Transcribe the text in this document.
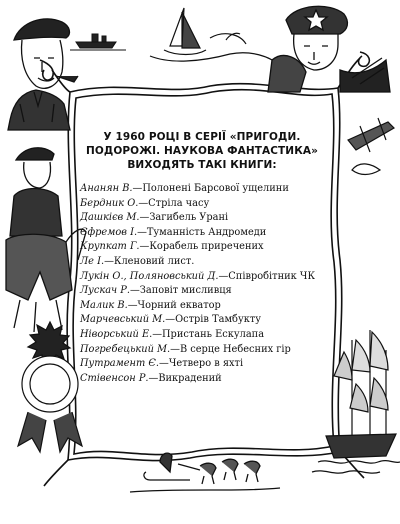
У 1960 РОЦІ В СЕРІЇ «ПРИГОДИ.
ПОДОРОЖІ. НАУКОВА ФАНТАСТИКА»
ВИХОДЯТЬ ТАКІ КНИГИ:
Ананян В.—Полонені Барсової ущелини
Бердник О.—Стріла часу
Дашкієв М.—Загибель Урані
Єфремов І.—Туманність Андромеди
Крупкат Г.—Корабель приречених
Ле І.—Кленовий лист.
Лукін О., Поляновський Д.—Співробітник ЧК
Лускач Р.—Заповіт мисливця
Малик В.—Чорний екватор
Марчевський М.—Острів Тамбукту
Ніворський Е.—Пристань Ескулапа
Погребецький М.—В серце Небесних гір
Путрамент Є.—Четверо в яхті
Стівенсон Р.—Викрадений
